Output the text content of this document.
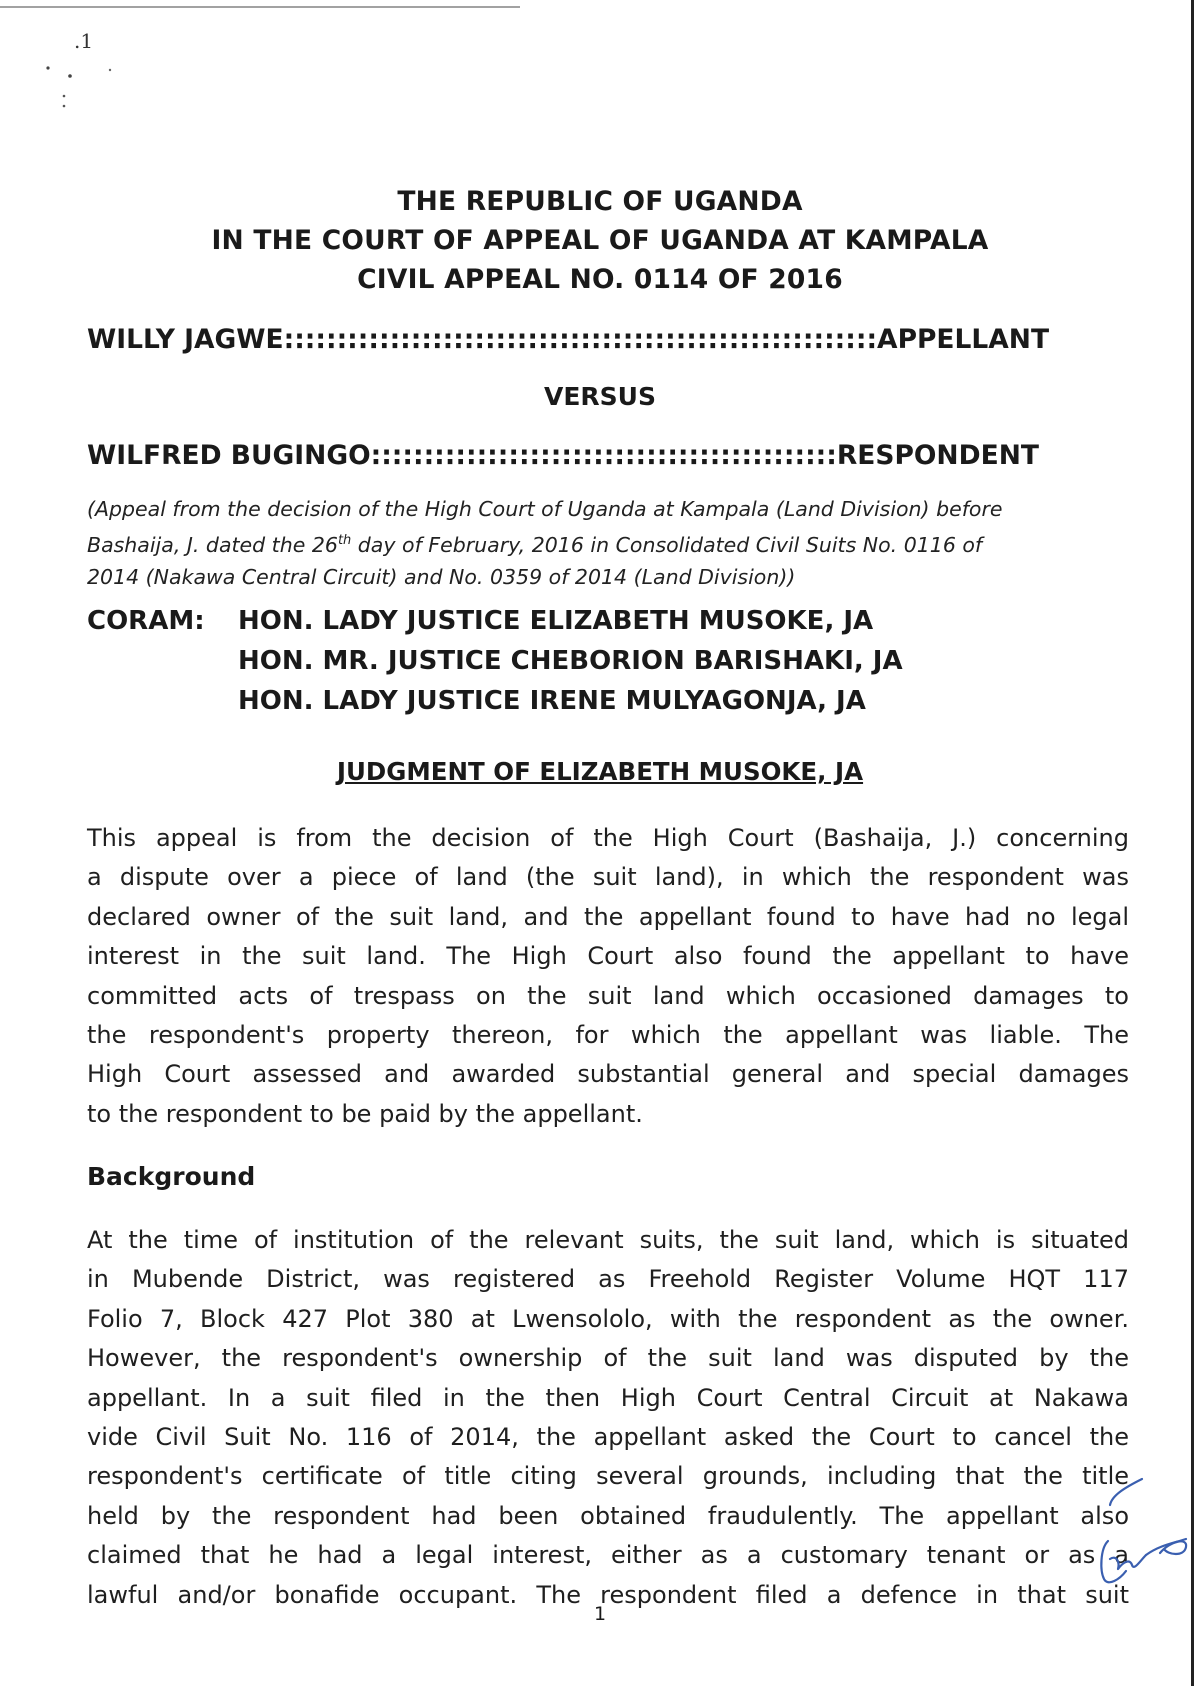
.1
THE REPUBLIC OF UGANDA
IN THE COURT OF APPEAL OF UGANDA AT KAMPALA
CIVIL APPEAL NO. 0114 OF 2016
WILLY JAGWE::::::::::::::::::::::::::::::::::::::::::::::::::::::::APPELLANT
VERSUS
WILFRED BUGINGO::::::::::::::::::::::::::::::::::::::::::::RESPONDENT
(Appeal from the decision of the High Court of Uganda at Kampala (Land Division) before
Bashaija, J. dated the 26th day of February, 2016 in Consolidated Civil Suits No. 0116 of
2014 (Nakawa Central Circuit) and No. 0359 of 2014 (Land Division))
CORAM: HON. LADY JUSTICE ELIZABETH MUSOKE, JA
HON. MR. JUSTICE CHEBORION BARISHAKI, JA
HON. LADY JUSTICE IRENE MULYAGONJA, JA
JUDGMENT OF ELIZABETH MUSOKE, JA
This appeal is from the decision of the High Court (Bashaija, J.) concerning
a dispute over a piece of land (the suit land), in which the respondent was
declared owner of the suit land, and the appellant found to have had no legal
interest in the suit land. The High Court also found the appellant to have
committed acts of trespass on the suit land which occasioned damages to
the respondent's property thereon, for which the appellant was liable. The
High Court assessed and awarded substantial general and special damages
to the respondent to be paid by the appellant.
Background
At the time of institution of the relevant suits, the suit land, which is situated
in Mubende District, was registered as Freehold Register Volume HQT 117
Folio 7, Block 427 Plot 380 at Lwensololo, with the respondent as the owner.
However, the respondent's ownership of the suit land was disputed by the
appellant. In a suit filed in the then High Court Central Circuit at Nakawa
vide Civil Suit No. 116 of 2014, the appellant asked the Court to cancel the
respondent's certificate of title citing several grounds, including that the title
held by the respondent had been obtained fraudulently. The appellant also
claimed that he had a legal interest, either as a customary tenant or as a
lawful and/or bonafide occupant. The respondent filed a defence in that suit
1
